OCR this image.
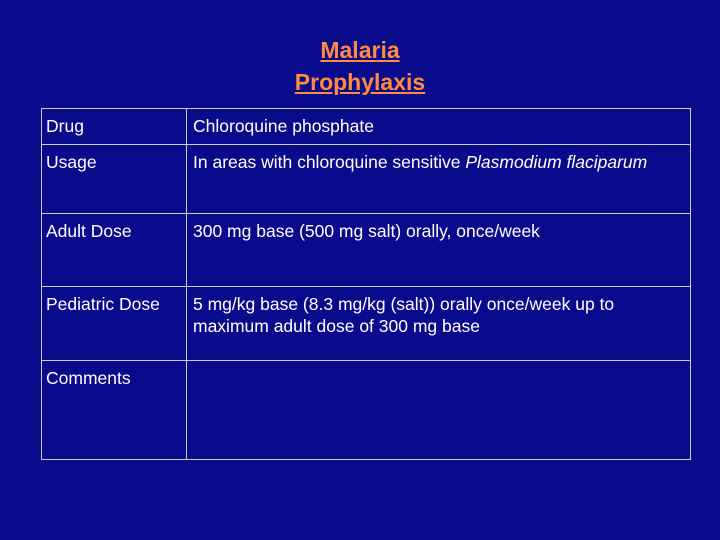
Malaria
Prophylaxis
Drug	Chloroquine phosphate
Usage	In areas with chloroquine sensitive Plasmodium flaciparum
Adult Dose	300 mg base (500 mg salt) orally, once/week
Pediatric Dose	5 mg/kg base (8.3 mg/kg (salt)) orally once/week up to maximum adult dose of 300 mg base
Comments	
